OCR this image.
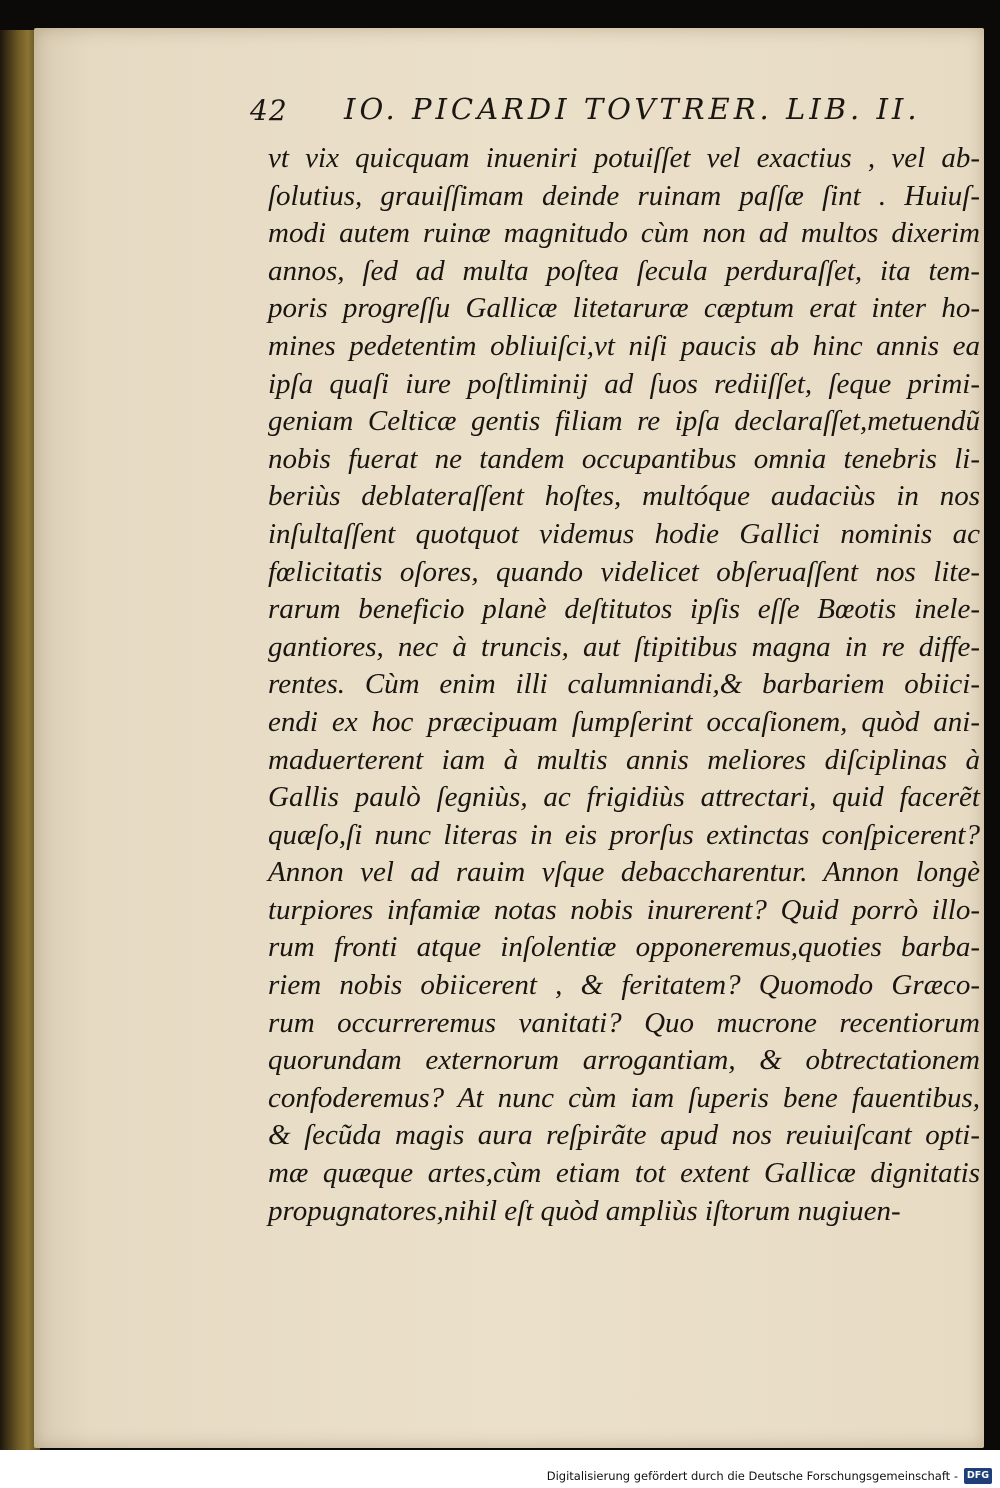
42 IO. PICARDI TOVTRER. LIB. II.
vt vix quicquam inueniri potuiſſet vel exactius , vel ab-
ſolutius, grauiſſimam deinde ruinam paſſæ ſint . Huiuſ-
modi autem ruinæ magnitudo cùm non ad multos dixerim
annos, ſed ad multa poſtea ſecula perduraſſet, ita tem-
poris progreſſu Gallicæ litetaruræ cæptum erat inter ho-
mines pedetentim obliuiſci,vt niſi paucis ab hinc annis ea
ipſa quaſi iure poſtliminij ad ſuos rediiſſet, ſeque primi-
geniam Celticæ gentis filiam re ipſa declaraſſet,metuendũ
nobis fuerat ne tandem occupantibus omnia tenebris li-
beriùs deblateraſſent hoſtes, multóque audaciùs in nos
inſultaſſent quotquot videmus hodie Gallici nominis ac
fœlicitatis oſores, quando videlicet obſeruaſſent nos lite-
rarum beneficio planè deſtitutos ipſis eſſe Bœotis inele-
gantiores, nec à truncis, aut ſtipitibus magna in re diffe-
rentes. Cùm enim illi calumniandi,& barbariem obiici-
endi ex hoc præcipuam ſumpſerint occaſionem, quòd ani-
maduerterent iam à multis annis meliores diſciplinas à
Gallis paulò ſegniùs, ac frigidiùs attrectari, quid facerẽt
quæſo,ſi nunc literas in eis prorſus extinctas conſpicerent?
Annon vel ad rauim vſque debaccharentur. Annon longè
turpiores infamiæ notas nobis inurerent? Quid porrò illo-
rum fronti atque inſolentiæ opponeremus,quoties barba-
riem nobis obiicerent , & feritatem? Quomodo Græco-
rum occurreremus vanitati? Quo mucrone recentiorum
quorundam externorum arrogantiam, & obtrectationem
confoderemus? At nunc cùm iam ſuperis bene fauentibus,
& ſecũda magis aura reſpirãte apud nos reuiuiſcant opti-
mæ quæque artes,cùm etiam tot extent Gallicæ dignitatis
propugnatores,nihil eſt quòd ampliùs iſtorum nugiuen-
Digitalisierung gefördert durch die Deutsche Forschungsgemeinschaft - DFG
